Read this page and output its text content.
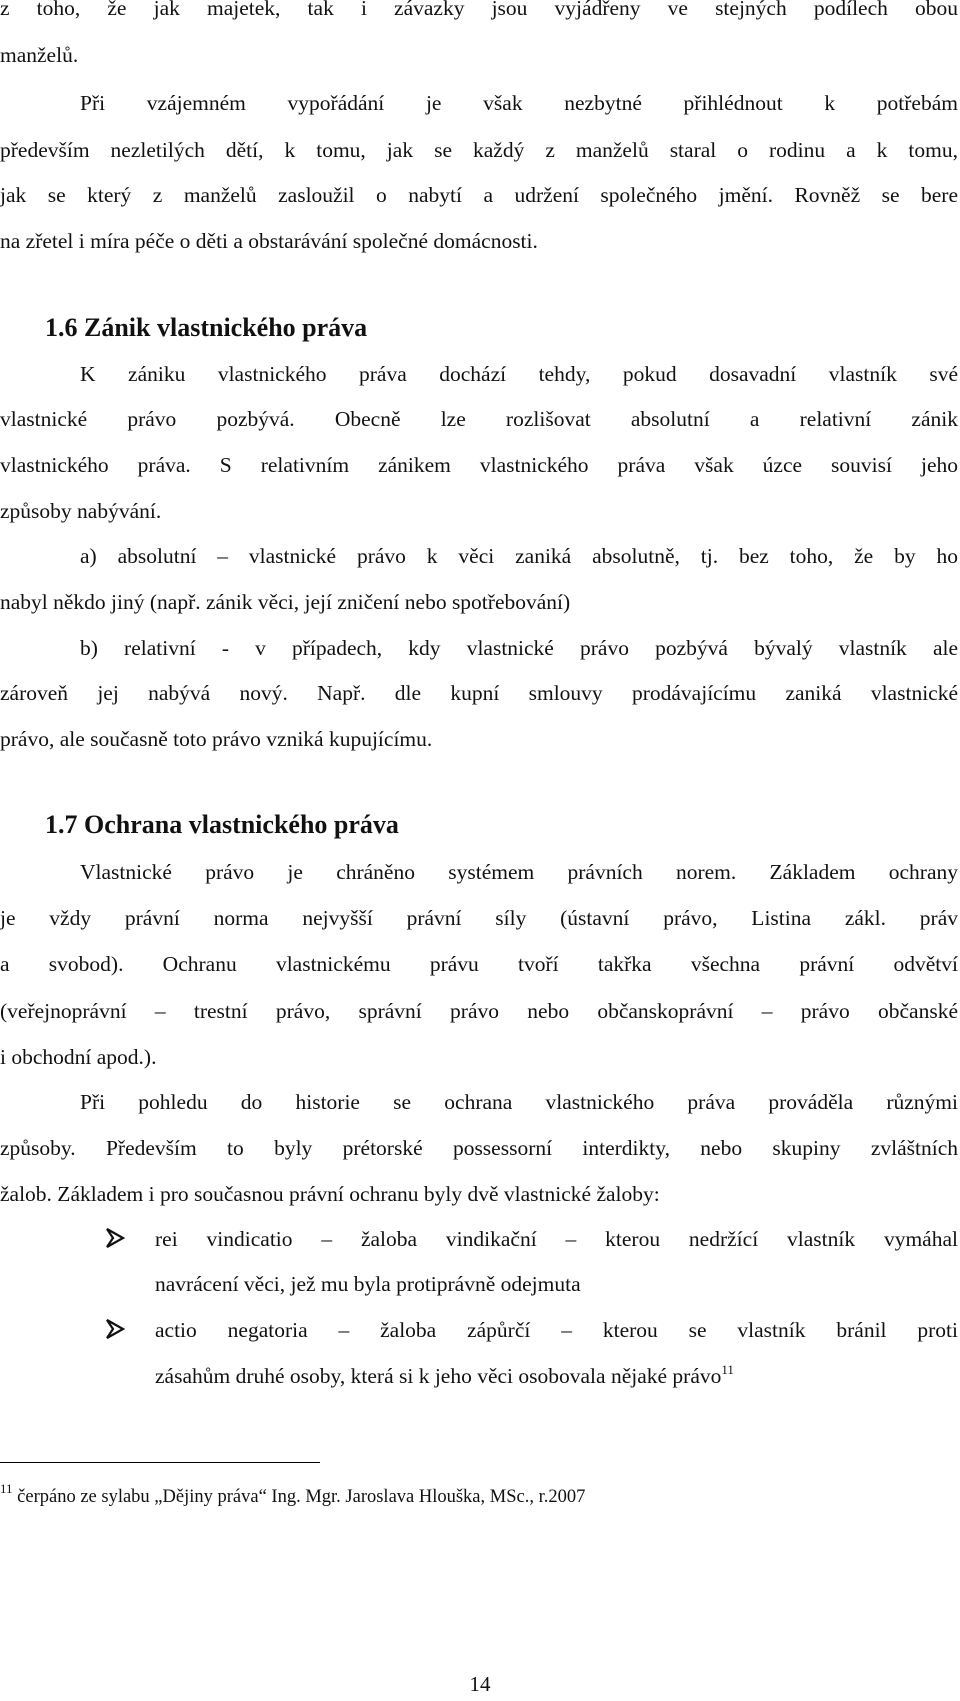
z toho, že jak majetek, tak i závazky jsou vyjádřeny ve stejných podílech obou
manželů.
Při vzájemném vypořádání je však nezbytné přihlédnout k potřebám
především nezletilých dětí, k tomu, jak se každý z manželů staral o rodinu a k tomu,
jak se který z manželů zasloužil o nabytí a udržení společného jmění. Rovněž se bere
na zřetel i míra péče o děti a obstarávání společné domácnosti.
1.6 Zánik vlastnického práva
K zániku vlastnického práva dochází tehdy, pokud dosavadní vlastník své
vlastnické právo pozbývá. Obecně lze rozlišovat absolutní a relativní zánik
vlastnického práva. S relativním zánikem vlastnického práva však úzce souvisí jeho
způsoby nabývání.
a) absolutní – vlastnické právo k věci zaniká absolutně, tj. bez toho, že by ho
nabyl někdo jiný (např. zánik věci, její zničení nebo spotřebování)
b) relativní - v případech, kdy vlastnické právo pozbývá bývalý vlastník ale
zároveň jej nabývá nový. Např. dle kupní smlouvy prodávajícímu zaniká vlastnické
právo, ale současně toto právo vzniká kupujícímu.
1.7 Ochrana vlastnického práva
Vlastnické právo je chráněno systémem právních norem. Základem ochrany
je vždy právní norma nejvyšší právní síly (ústavní právo, Listina zákl. práv
a svobod). Ochranu vlastnickému právu tvoří takřka všechna právní odvětví
(veřejnoprávní – trestní právo, správní právo nebo občanskoprávní – právo občanské
i obchodní apod.).
Při pohledu do historie se ochrana vlastnického práva prováděla různými
způsoby. Především to byly prétorské possessorní interdikty, nebo skupiny zvláštních
žalob. Základem i pro současnou právní ochranu byly dvě vlastnické žaloby:
rei vindicatio – žaloba vindikační – kterou nedržící vlastník vymáhal
navrácení věci, jež mu byla protiprávně odejmuta
actio negatoria – žaloba zápůrčí – kterou se vlastník bránil proti
zásahům druhé osoby, která si k jeho věci osobovala nějaké právo$^{11}$
$^{11}$ čerpáno ze sylabu „Dějiny práva“ Ing. Mgr. Jaroslava Hlouška, MSc., r.2007
14
